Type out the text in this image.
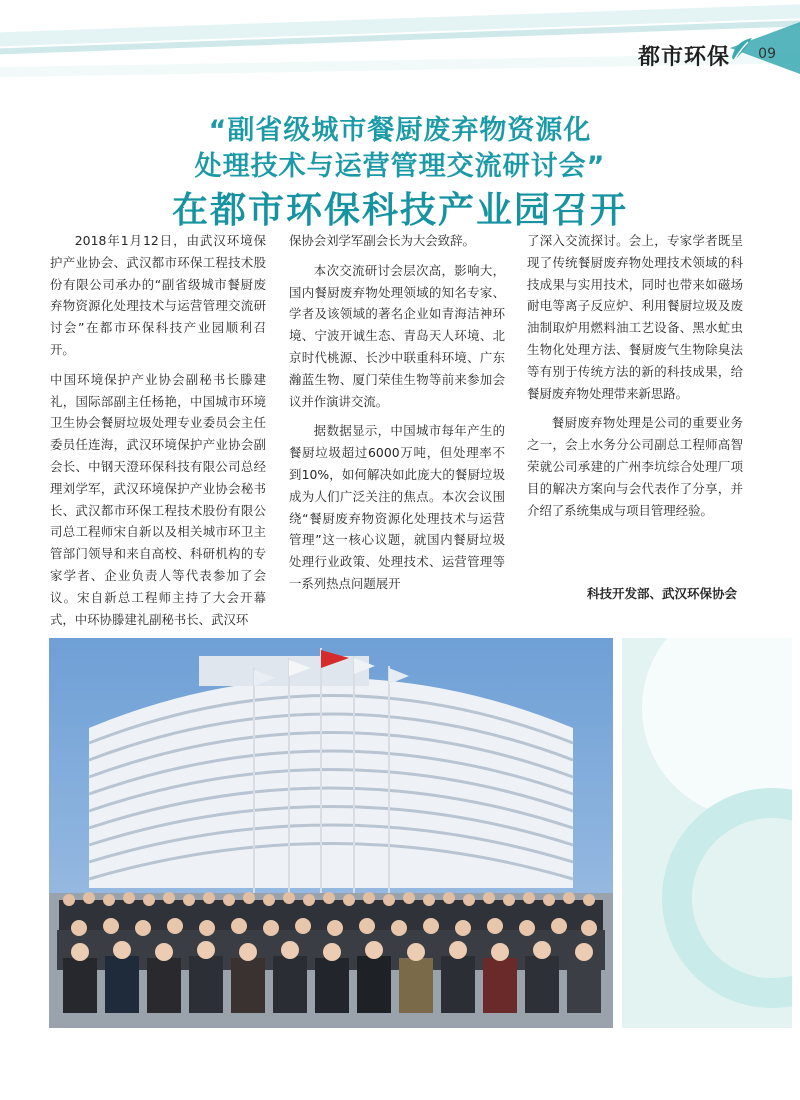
都市环保 09
“副省级城市餐厨废弃物资源化
处理技术与运营管理交流研讨会”
在都市环保科技产业园召开

2018年1月12日，由武汉环境保护产业协会、武汉都市环保工程技术股份有限公司承办的“副省级城市餐厨废弃物资源化处理技术与运营管理交流研讨会”在都市环保科技产业园顺利召开。

中国环境保护产业协会副秘书长滕建礼，国际部副主任杨艳，中国城市环境卫生协会餐厨垃圾处理专业委员会主任委员任连海，武汉环境保护产业协会副会长、中钢天澄环保科技有限公司总经理刘学军，武汉环境保护产业协会秘书长、武汉都市环保工程技术股份有限公司总工程师宋自新以及相关城市环卫主管部门领导和来自高校、科研机构的专家学者、企业负责人等代表参加了会议。宋自新总工程师主持了大会开幕式，中环协滕建礼副秘书长、武汉环

保协会刘学军副会长为大会致辞。

本次交流研讨会层次高，影响大，国内餐厨废弃物处理领域的知名专家、学者及该领域的著名企业如青海洁神环境、宁波开诚生态、青岛天人环境、北京时代桃源、长沙中联重科环境、广东瀚蓝生物、厦门荣佳生物等前来参加会议并作演讲交流。

据数据显示，中国城市每年产生的餐厨垃圾超过6000万吨，但处理率不到10%，如何解决如此庞大的餐厨垃圾成为人们广泛关注的焦点。本次会议围绕“餐厨废弃物资源化处理技术与运营管理”这一核心议题，就国内餐厨垃圾处理行业政策、处理技术、运营管理等一系列热点问题展开

了深入交流探讨。会上，专家学者既呈现了传统餐厨废弃物处理技术领域的科技成果与实用技术，同时也带来如磁场耐电等离子反应炉、利用餐厨垃圾及废油制取炉用燃料油工艺设备、黑水虻虫生物化处理方法、餐厨废气生物除臭法等有别于传统方法的新的科技成果，给餐厨废弃物处理带来新思路。

餐厨废弃物处理是公司的重要业务之一，会上水务分公司副总工程师高智荣就公司承建的广州李坑综合处理厂项目的解决方案向与会代表作了分享，并介绍了系统集成与项目管理经验。

科技开发部、武汉环保协会
